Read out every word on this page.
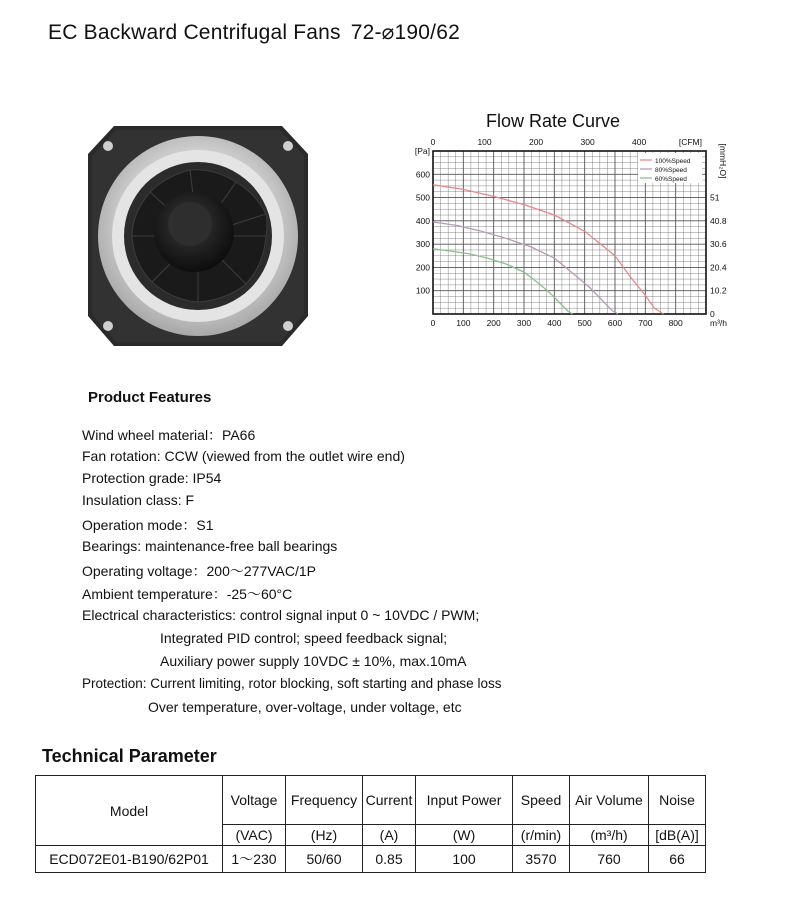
EC Backward Centrifugal Fans 72-⌀190/62
Flow Rate Curve
0 100 200 300 400 500 600 700 800	m³/h
0	100	200	300	400	[CFM]
100
200
300
400
500
600
[Pa]
0
10.2
20.4
30.6
40.8
51
[mmH₂O]
100%Speed
80%Speed
60%Speed
Product Features
Wind wheel material：PA66
Fan rotation: CCW (viewed from the outlet wire end)
Protection grade: IP54
Insulation class: F
Operation mode：S1
Bearings: maintenance-free ball bearings
Operating voltage：200～277VAC/1P
Ambient temperature：-25～60°C
Electrical characteristics: control signal input 0 ~ 10VDC / PWM;
Integrated PID control; speed feedback signal;
Auxiliary power supply 10VDC ± 10%, max.10mA
Protection: Current limiting, rotor blocking, soft starting and phase loss
Over temperature, over-voltage, under voltage, etc
Technical Parameter
Model	Voltage	Frequency	Current	Input Power	Speed	Air Volume	Noise
	(VAC)	(Hz)	(A)	(W)	(r/min)	(m³/h)	[dB(A)]
ECD072E01-B190/62P01	1～230	50/60	0.85	100	3570	760	66
